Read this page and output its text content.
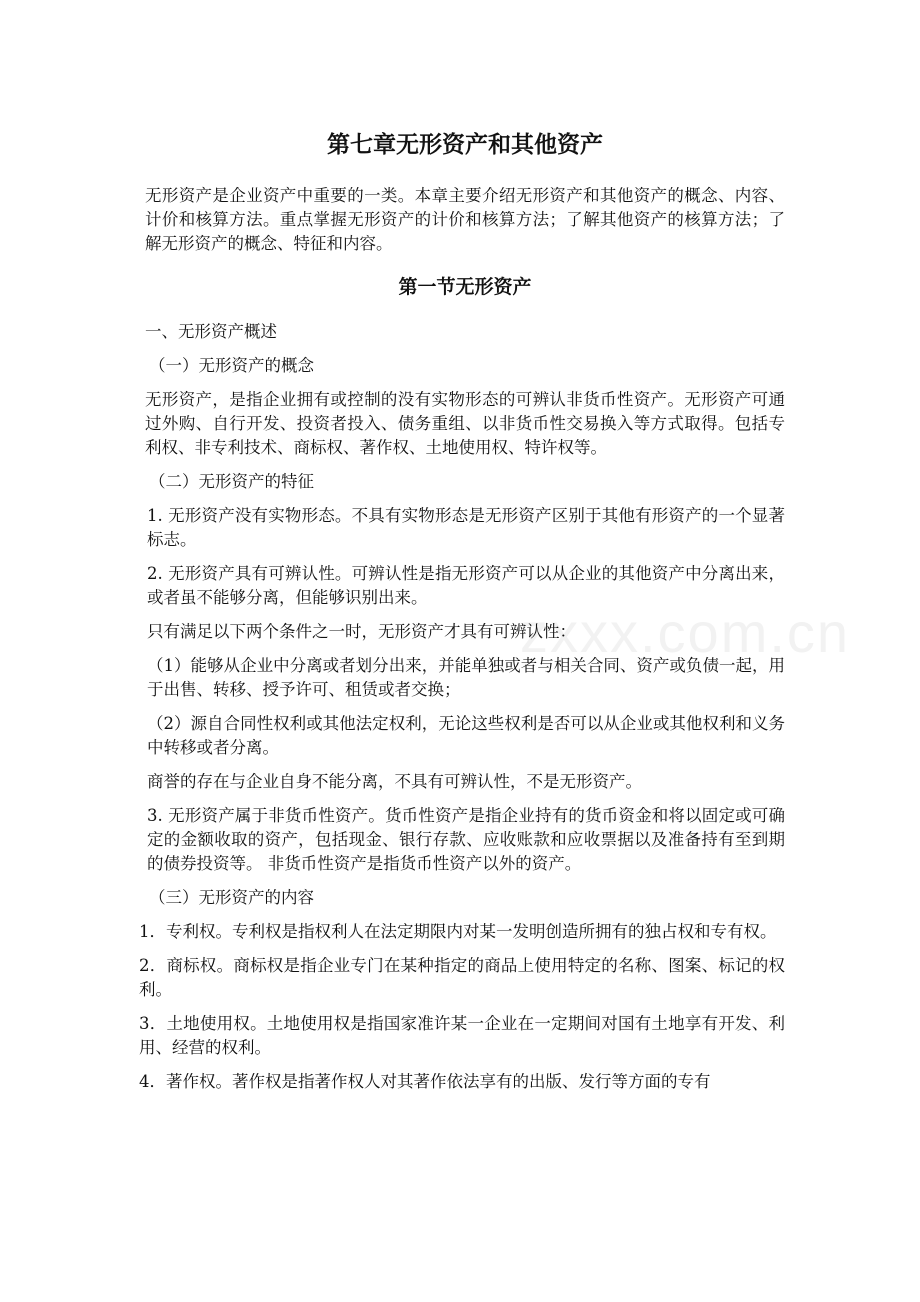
zxxx.com.cn
第七章无形资产和其他资产

无形资产是企业资产中重要的一类。本章主要介绍无形资产和其他资产的概念、内容、计价和核算方法。重点掌握无形资产的计价和核算方法；了解其他资产的核算方法；了解无形资产的概念、特征和内容。

第一节无形资产

一、无形资产概述

（一）无形资产的概念

无形资产，是指企业拥有或控制的没有实物形态的可辨认非货币性资产。无形资产可通过外购、自行开发、投资者投入、债务重组、以非货币性交易换入等方式取得。包括专利权、非专利技术、商标权、著作权、土地使用权、特许权等。

（二）无形资产的特征

1. 无形资产没有实物形态。不具有实物形态是无形资产区别于其他有形资产的一个显著标志。

2. 无形资产具有可辨认性。可辨认性是指无形资产可以从企业的其他资产中分离出来，或者虽不能够分离，但能够识别出来。

只有满足以下两个条件之一时，无形资产才具有可辨认性：

（1）能够从企业中分离或者划分出来，并能单独或者与相关合同、资产或负债一起，用于出售、转移、授予许可、租赁或者交换；

（2）源自合同性权利或其他法定权利，无论这些权利是否可以从企业或其他权利和义务中转移或者分离。

商誉的存在与企业自身不能分离，不具有可辨认性，不是无形资产。

3. 无形资产属于非货币性资产。货币性资产是指企业持有的货币资金和将以固定或可确定的金额收取的资产，包括现金、银行存款、应收账款和应收票据以及准备持有至到期的债券投资等。 非货币性资产是指货币性资产以外的资产。

（三）无形资产的内容

1．专利权。专利权是指权利人在法定期限内对某一发明创造所拥有的独占权和专有权。

2．商标权。商标权是指企业专门在某种指定的商品上使用特定的名称、图案、标记的权利。

3．土地使用权。土地使用权是指国家准许某一企业在一定期间对国有土地享有开发、利用、经营的权利。

4．著作权。著作权是指著作权人对其著作依法享有的出版、发行等方面的专有
